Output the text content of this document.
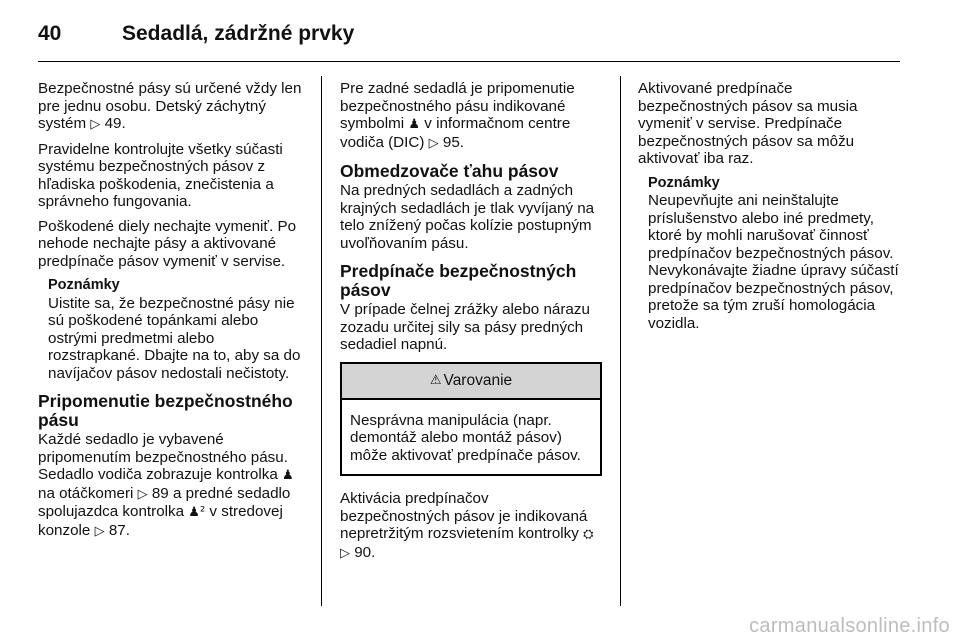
40	Sedadlá, zádržné prvky

Bezpečnostné pásy sú určené vždy len pre jednu osobu. Detský záchytný systém ▷ 49.

Pravidelne kontrolujte všetky súčasti systému bezpečnostných pásov z hľadiska poškodenia, znečistenia a správneho fungovania.

Poškodené diely nechajte vymeniť. Po nehode nechajte pásy a aktivované predpínače pásov vymeniť v servise.

Poznámky
Uistite sa, že bezpečnostné pásy nie sú poškodené topánkami alebo ostrými predmetmi alebo rozstrapkané. Dbajte na to, aby sa do navíjačov pásov nedostali nečistoty.
Pripomenutie bezpečnostného pásu

Každé sedadlo je vybavené pripomenutím bezpečnostného pásu. Sedadlo vodiča zobrazuje kontrolka ♟ na otáčkomeri ▷ 89 a predné sedadlo spolujazdca kontrolka ♟² v stredovej konzole ▷ 87.

Pre zadné sedadlá je pripomenutie bezpečnostného pásu indikované symbolmi ♟ v informačnom centre vodiča (DIC) ▷ 95.

Obmedzovače ťahu pásov

Na predných sedadlách a zadných krajných sedadlách je tlak vyvíjaný na telo znížený počas kolízie postupným uvoľňovaním pásu.

Predpínače bezpečnostných pásov

V prípade čelnej zrážky alebo nárazu zozadu určitej sily sa pásy predných sedadiel napnú.

⚠ Varovanie
Nesprávna manipulácia (napr. demontáž alebo montáž pásov) môže aktivovať predpínače pásov.

Aktivácia predpínačov bezpečnostných pásov je indikovaná nepretržitým rozsvietením kontrolky ⛭ ▷ 90.

Aktivované predpínače bezpečnostných pásov sa musia vymeniť v servise. Predpínače bezpečnostných pásov sa môžu aktivovať iba raz.

Poznámky
Neupevňujte ani neinštalujte príslušenstvo alebo iné predmety, ktoré by mohli narušovať činnosť predpínačov bezpečnostných pásov. Nevykonávajte žiadne úpravy súčastí predpínačov bezpečnostných pásov, pretože sa tým zruší homologácia vozidla.
carmanualsonline.info
